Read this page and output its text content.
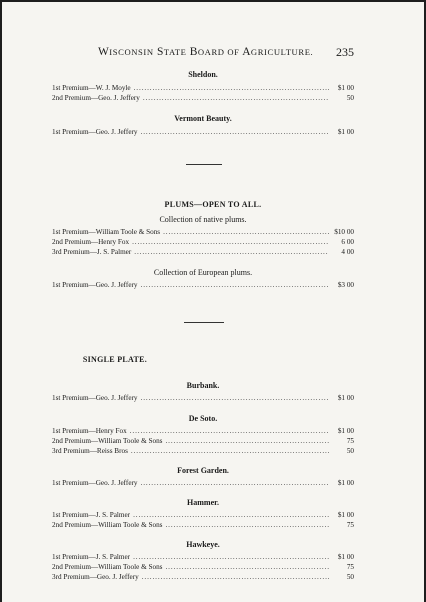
WISCONSIN STATE BOARD OF AGRICULTURE. 235
Sheldon.
1st Premium—W. J. Moyle .....	$1 00
2nd Premium—Geo. J. Jeffery .....	50
Vermont Beauty.
1st Premium—Geo. J. Jeffery .....	$1 00
PLUMS—OPEN TO ALL.
Collection of native plums.
1st Premium—William Toole & Sons .....	$10 00
2nd Premium—Henry Fox .....	6 00
3rd Premium—J. S. Palmer .....	4 00
Collection of European plums.
1st Premium—Geo. J. Jeffery .....	$3 00
SINGLE PLATE.
Burbank.
1st Premium—Geo. J. Jeffery .....	$1 00
De Soto.
1st Premium—Henry Fox .....	$1 00
2nd Premium—William Toole & Sons .....	75
3rd Premium—Reiss Bros .....	50
Forest Garden.
1st Premium—Geo. J. Jeffery .....	$1 00
Hammer.
1st Premium—J. S. Palmer .....	$1 00
2nd Premium—William Toole & Sons .....	75
Hawkeye.
1st Premium—J. S. Palmer .....	$1 00
2nd Premium—William Toole & Sons .....	75
3rd Premium—Geo. J. Jeffery .....	50
